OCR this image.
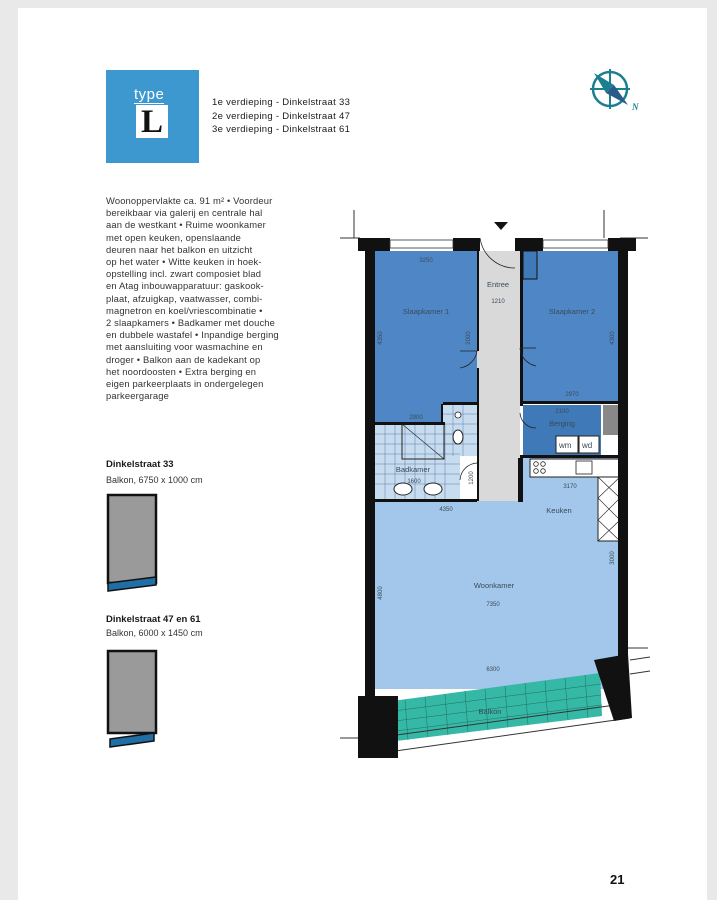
type
L
1e verdieping - Dinkelstraat 33
2e verdieping - Dinkelstraat 47
3e verdieping - Dinkelstraat 61
N
Woonoppervlakte ca. 91 m² • Voordeur
bereikbaar via galerij en centrale hal
aan de westkant • Ruime woonkamer
met open keuken, openslaande
deuren naar het balkon en uitzicht
op het water • Witte keuken in hoek-
opstelling incl. zwart composiet blad
en Atag inbouwapparatuur: gaskook-
plaat, afzuigkap, vaatwasser, combi-
magnetron en koel/vriescombinatie •
2 slaapkamers • Badkamer met douche
en dubbele wastafel • Inpandige berging
met aansluiting voor wasmachine en
droger • Balkon aan de kadekant op
het noordoosten • Extra berging en
eigen parkeerplaats in ondergelegen
parkeergarage
Dinkelstraat 33
Balkon, 6750 x 1000 cm
Dinkelstraat 47 en 61
Balkon, 6000 x 1450 cm
wm wd
Slaapkamer 1	Slaapkamer 2
Entree
Badkamer
Berging
Keuken
Woonkamer
Balkon
3250
4350
2900
1210
4300
2970
1200
2000
1600
2100
3170
3000
4350
7350
4800
6300
21
